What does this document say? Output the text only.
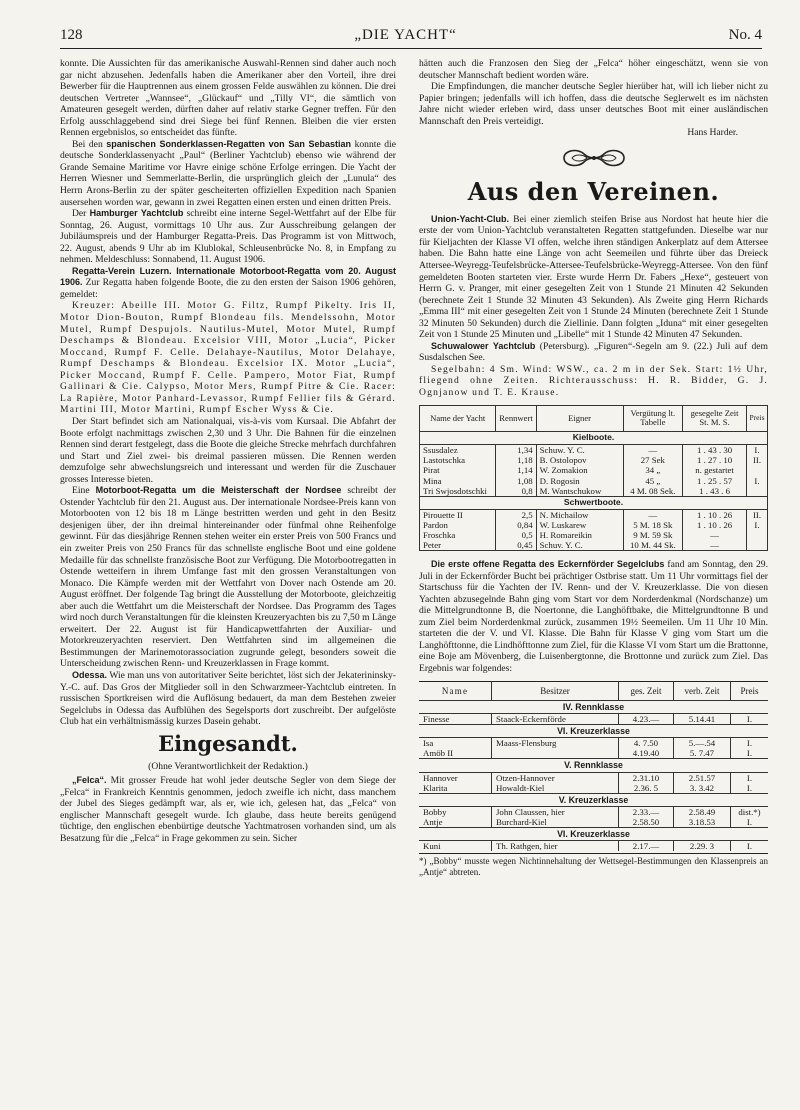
128	„DIE YACHT“	No. 4

konnte. Die Aussichten für das amerikanische Auswahl-Rennen sind daher auch noch gar nicht abzusehen. Jedenfalls haben die Amerikaner aber den Vorteil, ihre drei Bewerber für die Hauptrennen aus einem grossen Felde auswählen zu können. Die drei deutschen Vertreter „Wannsee“, „Glückauf“ und „Tilly VI“, die sämtlich von Amateuren gesegelt werden, dürften daher auf relativ starke Gegner treffen. Für den Erfolg ausschlaggebend sind drei Siege bei fünf Rennen. Bleiben die vier ersten Rennen ergebnislos, so entscheidet das fünfte.

Bei den spanischen Sonderklassen-Regatten von San Sebastian konnte die deutsche Sonderklassenyacht „Paul“ (Berliner Yachtclub) ebenso wie während der Grande Semaine Maritime vor Havre einige schöne Erfolge erringen. Die Yacht der Herren Wiesner und Semmerlatte-Berlin, die ursprünglich gleich der „Lunula“ des Herrn Arons-Berlin zu der später gescheiterten offiziellen Expedition nach Spanien ausersehen worden war, gewann in zwei Regatten einen ersten und einen dritten Preis.

Der Hamburger Yachtclub schreibt eine interne Segel-Wettfahrt auf der Elbe für Sonntag, 26. August, vormittags 10 Uhr aus. Zur Ausschreibung gelangen der Jubiläumspreis und der Hamburger Regatta-Preis. Das Programm ist von Mittwoch, 22. August, abends 9 Uhr ab im Klublokal, Schleusenbrücke No. 8, in Empfang zu nehmen. Meldeschluss: Sonnabend, 11. August 1906.

Regatta-Verein Luzern. Internationale Motorboot-Regatta vom 20. August 1906. Zur Regatta haben folgende Boote, die zu den ersten der Saison 1906 gehören, gemeldet:

Kreuzer: Abeille III. Motor G. Filtz, Rumpf Pikelty. Iris II, Motor Dion-Bouton, Rumpf Blondeau fils. Mendelssohn, Motor Mutel, Rumpf Despujols. Nautilus-Mutel, Motor Mutel, Rumpf Deschamps & Blondeau. Excelsior VIII, Motor „Lucia“, Picker Moccand, Rumpf F. Celle. Delahaye-Nautilus, Motor Delahaye, Rumpf Deschamps & Blondeau. Excelsior IX. Motor „Lucia“, Picker Moccand, Rumpf F. Celle. Pampero, Motor Fiat, Rumpf Gallinari & Cie. Calypso, Motor Mers, Rumpf Pitre & Cie. Racer: La Rapière, Motor Panhard-Levassor, Rumpf Fellier fils & Gérard. Martini III, Motor Martini, Rumpf Escher Wyss & Cie.

Der Start befindet sich am Nationalquai, vis-à-vis vom Kursaal. Die Abfahrt der Boote erfolgt nachmittags zwischen 2,30 und 3 Uhr. Die Bahnen für die einzelnen Rennen sind derart festgelegt, dass die Boote die gleiche Strecke mehrfach durchfahren und Start und Ziel zwei- bis dreimal passieren müssen. Die Rennen werden demzufolge sehr abwechslungsreich und interessant und werden für die Zuschauer grosses Interesse bieten.

Eine Motorboot-Regatta um die Meisterschaft der Nordsee schreibt der Ostender Yachtclub für den 21. August aus. Der internationale Nordsee-Preis kann von Motorbooten von 12 bis 18 m Länge bestritten werden und geht in den Besitz desjenigen über, der ihn dreimal hintereinander oder fünfmal ohne Reihenfolge gewinnt. Für das diesjährige Rennen stehen weiter ein erster Preis von 500 Francs und ein zweiter Preis von 250 Francs für das schnellste englische Boot und eine goldene Medaille für das schnellste französische Boot zur Verfügung. Die Motorbootregatten in Ostende wetteifern in ihrem Umfange fast mit den grossen Veranstaltungen von Monaco. Die Kämpfe werden mit der Wettfahrt von Dover nach Ostende am 20. August eröffnet. Der folgende Tag bringt die Ausstellung der Motorboote, gleichzeitig aber auch die Wettfahrt um die Meisterschaft der Nordsee. Das Programm des Tages wird noch durch Veranstaltungen für die kleinsten Kreuzeryachten bis zu 7,50 m Länge erweitert. Der 22. August ist für Handicapwettfahrten der Auxiliar- und Motorkreuzeryachten reserviert. Den Wettfahrten sind im allgemeinen die Bestimmungen der Marinemotorassociation zugrunde gelegt, besonders soweit die Unterscheidung zwischen Renn- und Kreuzerklassen in Frage kommt.

Odessa. Wie man uns von autoritativer Seite berichtet, löst sich der Jekaterininsky-Y.-C. auf. Das Gros der Mitglieder soll in den Schwarzmeer-Yachtclub eintreten. In russischen Sportkreisen wird die Auflösung bedauert, da man dem Bestehen zweier Segelclubs in Odessa das Aufblühen des Segelsports dort zuschreibt. Der aufgelöste Club hat ein verhältnismässig kurzes Dasein gehabt.

Eingesandt.

(Ohne Verantwortlichkeit der Redaktion.)

„Felca“. Mit grosser Freude hat wohl jeder deutsche Segler von dem Siege der „Felca“ in Frankreich Kenntnis genommen, jedoch zweifle ich nicht, dass manchem der Jubel des Sieges gedämpft war, als er, wie ich, gelesen hat, das „Felca“ von englischer Mannschaft gesegelt wurde. Ich glaube, dass heute bereits genügend tüchtige, den englischen ebenbürtige deutsche Yachtmatrosen vorhanden sind, um als Besatzung für die „Felca“ in Frage gekommen zu sein. Sicher

hätten auch die Franzosen den Sieg der „Felca“ höher eingeschätzt, wenn sie von deutscher Mannschaft bedient worden wäre.

Die Empfindungen, die mancher deutsche Segler hierüber hat, will ich lieber nicht zu Papier bringen; jedenfalls will ich hoffen, dass die deutsche Seglerwelt es im nächsten Jahre nicht wieder erleben wird, dass unser deutsches Boot mit einer ausländischen Mannschaft den Preis verteidigt.

Hans Harder.

Aus den Vereinen.

Union-Yacht-Club. Bei einer ziemlich steifen Brise aus Nordost hat heute hier die erste der vom Union-Yachtclub veranstalteten Regatten stattgefunden. Dieselbe war nur für Kieljachten der Klasse VI offen, welche ihren ständigen Ankerplatz auf dem Attersee haben. Die Bahn hatte eine Länge von acht Seemeilen und führte über das Dreieck Attersee-Weyregg-Teufelsbrücke-Attersee-Teufelsbrücke-Weyregg-Attersee. Von den fünf gemeldeten Booten starteten vier. Erste wurde Herrn Dr. Fabers „Hexe“, gesteuert von Herrn G. v. Pranger, mit einer gesegelten Zeit von 1 Stunde 21 Minuten 42 Sekunden (berechnete Zeit 1 Stunde 32 Minuten 43 Sekunden). Als Zweite ging Herrn Richards „Emma III“ mit einer gesegelten Zeit von 1 Stunde 24 Minuten (berechnete Zeit 1 Stunde 32 Minuten 50 Sekunden) durch die Ziellinie. Dann folgten „Iduna“ mit einer gesegelten Zeit von 1 Stunde 25 Minuten und „Libelle“ mit 1 Stunde 42 Minuten 47 Sekunden.

Schuwalower Yachtclub (Petersburg). „Figuren“-Segeln am 9. (22.) Juli auf dem Susdalschen See.

Segelbahn: 4 Sm. Wind: WSW., ca. 2 m in der Sek. Start: 1½ Uhr, fliegend ohne Zeiten. Richterausschuss: H. R. Bidder, G. J. Ognjanow und T. E. Krause.

Name der Yacht	Rennwert	Eigner	Vergütung lt. Tabelle	gesegelte Zeit St. M. S.	Preis
Kielboote.					
Ssusdalez	1,34	Schuw. Y. C.	—	1 . 43 . 30	I.
Lastotschka	1,18	B. Ostolopov	27 Sek	1 . 27 . 10	II.
Pirat	1,14	W. Zomakion	34 „	n. gestartet	
Mina	1,08	D. Rogosin	45 „	1 . 25 . 57	I.
Tri Swjosdotschki	0,8	M. Wantschukow	4 M. 08 Sek.	1 . 43 . 6	
Schwertboote.					
Pirouette II	2,5	N. Michailow	—	1 . 10 . 26	II.
Pardon	0,84	W. Luskarew	5 M. 18 Sk	1 . 10 . 26	I.
Froschka	0,5	H. Romareikin	9 M. 59 Sk	—	
Peter	0,45	Schuv. Y. C.	10 M. 44 Sk.	—	

Die erste offene Regatta des Eckernförder Segelclubs fand am Sonntag, den 29. Juli in der Eckernförder Bucht bei prächtiger Ostbrise statt. Um 11 Uhr vormittags fiel der Startschuss für die Yachten der IV. Renn- und der V. Kreuzerklasse. Die von diesen Yachten abzusegelnde Bahn ging vom Start vor dem Norderdenkmal (Nordschanze) um die Mittelgrundtonne B, die Noertonne, die Langhöftbake, die Mittelgrundtonne B und zum Ziel beim Norderdenkmal zurück, zusammen 19½ Seemeilen. Um 11 Uhr 10 Min. starteten die der V. und VI. Klasse. Die Bahn für Klasse V ging vom Start um die Langhöfttonne, die Lindhöfttonne zum Ziel, für die Klasse VI vom Start um die Brattonne, eine Boje am Mövenberg, die Luisenbergtonne, die Brottonne und zurück zum Ziel. Das Ergebnis war folgendes:

Name	Besitzer	ges. Zeit	verb. Zeit	Preis
IV. Rennklasse				
Finesse	Staack-Eckernförde	4.23.—	5.14.41	I.
VI. Kreuzerklasse				
Isa	Maass-Flensburg	4. 7.50	5.—.54	I.
Amöb II		4.19.40	5. 7.47	I.
V. Rennklasse				
Hannover	Otzen-Hannover	2.31.10	2.51.57	I.
Klarita	Howaldt-Kiel	2.36. 5	3. 3.42	I.
V. Kreuzerklasse				
Bobby	John Claussen, hier	2.33.—	2.58.49	dist.*)
Antje	Burchard-Kiel	2.58.50	3.18.53	I.
VI. Kreuzerklasse				
Kuni	Th. Rathgen, hier	2.17.—	2.29. 3	I.

*) „Bobby“ musste wegen Nichtinnehaltung der Wettsegel-Bestimmungen den Klassenpreis an „Antje“ abtreten.
